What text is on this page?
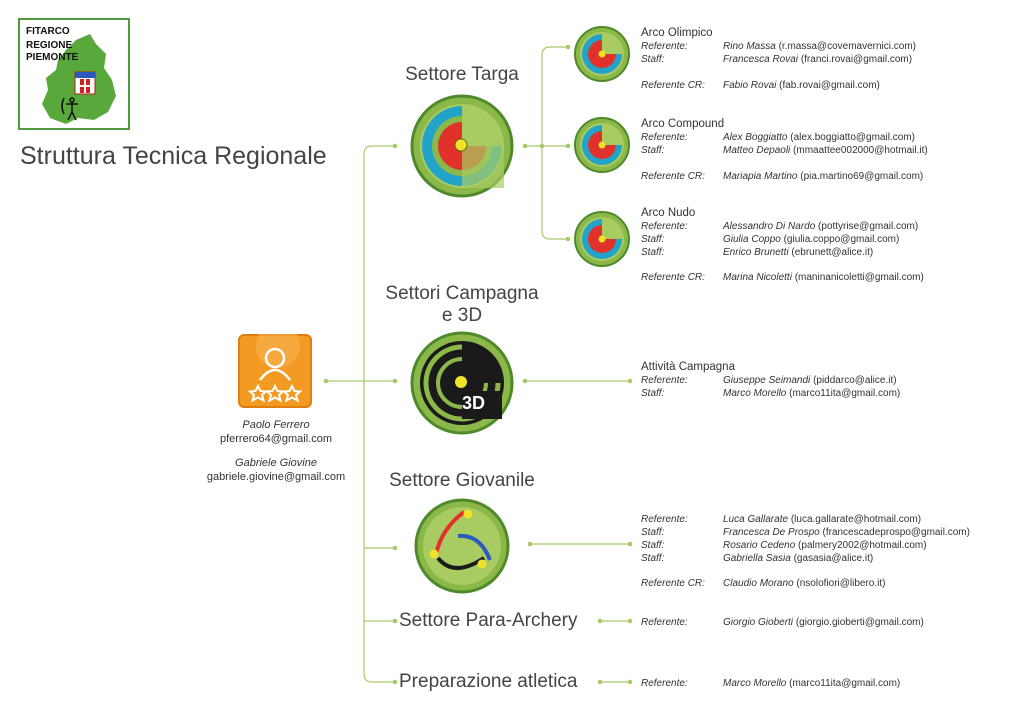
FITARCO
REGIONE
PIEMONTE
Struttura Tecnica Regionale
Paolo Ferrero
pferrero64@gmail.com
Gabriele Giovine
gabriele.giovine@gmail.com
Settore Targa
Settori Campagna
e 3D
Settore Giovanile
Settore Para-Archery
Preparazione atletica
3D
Arco Olimpico
Referente:	Rino Massa (r.massa@covemavernici.com)
Staff:	Francesca Rovai (franci.rovai@gmail.com)
Referente CR:	Fabio Rovai (fab.rovai@gmail.com)
Arco Compound
Referente:	Alex Boggiatto (alex.boggiatto@gmail.com)
Staff:	Matteo Depaoli (mmaattee002000@hotmail.it)
Referente CR:	Mariapia Martino (pia.martino69@gmail.com)
Arco Nudo
Referente:	Alessandro Di Nardo (pottyrise@gmail.com)
Staff:	Giulia Coppo (giulia.coppo@gmail.com)
Staff:	Enrico Brunetti (ebrunett@alice.it)
Referente CR:	Marina Nicoletti (maninanicoletti@gmail.com)
Attività Campagna
Referente:	Giuseppe Seimandi (piddarco@alice.it)
Staff:	Marco Morello (marco11ita@gmail.com)
Referente:	Luca Gallarate (luca.gallarate@hotmail.com)
Staff:	Francesca De Prospo (francescadeprospo@gmail.com)
Staff:	Rosario Cedeno (palmery2002@hotmail.com)
Staff:	Gabriella Sasia (gasasia@alice.it)
Referente CR:	Claudio Morano (nsolofiori@libero.it)
Referente:	Giorgio Gioberti (giorgio.gioberti@gmail.com)
Referente:	Marco Morello (marco11ita@gmail.com)
